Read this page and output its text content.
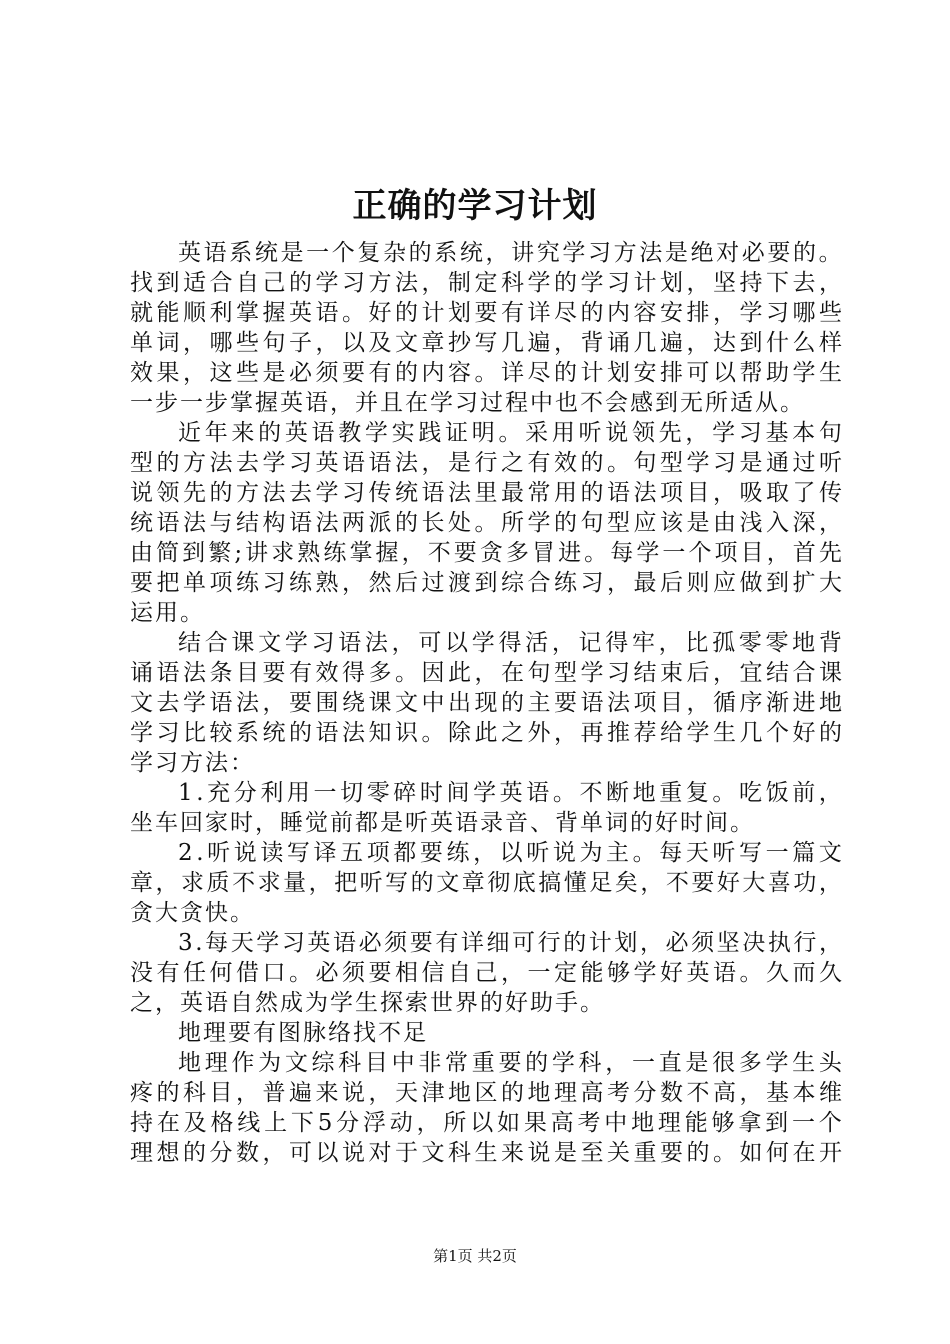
正确的学习计划
英 语 系 统 是 一 个 复 杂 的 系 统 ， 讲 究 学 习 方 法 是 绝 对 必 要 的 。
找 到 适 合 自 己 的 学 习 方 法 ， 制 定 科 学 的 学 习 计 划 ， 坚 持 下 去 ，
就 能 顺 利 掌 握 英 语 。 好 的 计 划 要 有 详 尽 的 内 容 安 排 ， 学 习 哪 些
单 词 ， 哪 些 句 子 ， 以 及 文 章 抄 写 几 遍 ， 背 诵 几 遍 ， 达 到 什 么 样
效 果 ， 这 些 是 必 须 要 有 的 内 容 。 详 尽 的 计 划 安 排 可 以 帮 助 学 生
一步一步掌握英语，并且在学习过程中也不会感到无所适从。
近 年 来 的 英 语 教 学 实 践 证 明 。 采 用 听 说 领 先 ， 学 习 基 本 句
型 的 方 法 去 学 习 英 语 语 法 ， 是 行 之 有 效 的 。 句 型 学 习 是 通 过 听
说 领 先 的 方 法 去 学 习 传 统 语 法 里 最 常 用 的 语 法 项 目 ， 吸 取 了 传
统 语 法 与 结 构 语 法 两 派 的 长 处 。 所 学 的 句 型 应 该 是 由 浅 入 深 ，
由 简 到 繁 ; 讲 求 熟 练 掌 握 ， 不 要 贪 多 冒 进 。 每 学 一 个 项 目 ， 首 先
要 把 单 项 练 习 练 熟 ， 然 后 过 渡 到 综 合 练 习 ， 最 后 则 应 做 到 扩 大
运用。
结 合 课 文 学 习 语 法 ， 可 以 学 得 活 ， 记 得 牢 ， 比 孤 零 零 地 背
诵 语 法 条 目 要 有 效 得 多 。 因 此 ， 在 句 型 学 习 结 束 后 ， 宜 结 合 课
文 去 学 语 法 ， 要 围 绕 课 文 中 出 现 的 主 要 语 法 项 目 ， 循 序 渐 进 地
学 习 比 较 系 统 的 语 法 知 识 。 除 此 之 外 ， 再 推 荐 给 学 生 几 个 好 的
学习方法：
1 . 充 分 利 用 一 切 零 碎 时 间 学 英 语 。 不 断 地 重 复 。 吃 饭 前 ，
坐车回家时，睡觉前都是听英语录音、背单词的好时间。
2 . 听 说 读 写 译 五 项 都 要 练 ， 以 听 说 为 主 。 每 天 听 写 一 篇 文
章 ， 求 质 不 求 量 ， 把 听 写 的 文 章 彻 底 搞 懂 足 矣 ， 不 要 好 大 喜 功 ，
贪大贪快。
3 . 每 天 学 习 英 语 必 须 要 有 详 细 可 行 的 计 划 ， 必 须 坚 决 执 行 ，
没 有 任 何 借 口 。 必 须 要 相 信 自 己 ， 一 定 能 够 学 好 英 语 。 久 而 久
之，英语自然成为学生探索世界的好助手。
地理要有图脉络找不足
地 理 作 为 文 综 科 目 中 非 常 重 要 的 学 科 ， 一 直 是 很 多 学 生 头
疼 的 科 目 ， 普 遍 来 说 ， 天 津 地 区 的 地 理 高 考 分 数 不 高 ， 基 本 维
持 在 及 格 线 上 下 5 分 浮 动 ， 所 以 如 果 高 考 中 地 理 能 够 拿 到 一 个
理 想 的 分 数 ， 可 以 说 对 于 文 科 生 来 说 是 至 关 重 要 的 。 如 何 在 开
第1页 共2页
